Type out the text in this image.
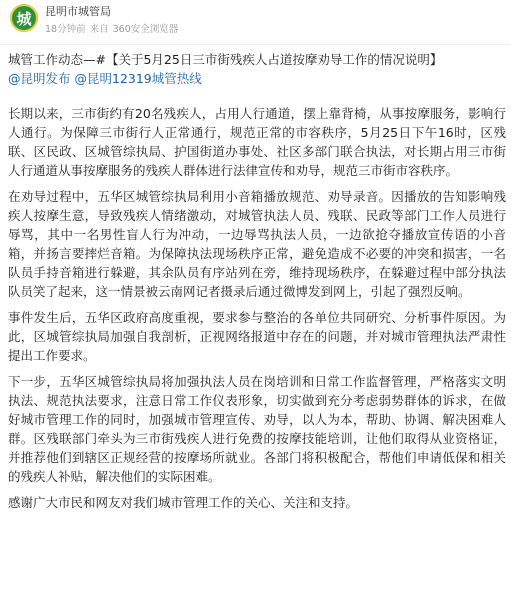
城 昆明市城管局
18分钟前 来自 360安全浏览器
城管工作动态—#【关于5月25日三市街残疾人占道按摩劝导工作的情况说明】
@昆明发布 @昆明12319城管热线

长期以来，三市街约有20名残疾人，占用人行通道，摆上靠背椅，从事按摩服务，影响行人通行。为保障三市街行人正常通行，规范正常的市容秩序，5月25日下午16时，区残联、区民政、区城管综执局、护国街道办事处、社区多部门联合执法，对长期占用三市街人行通道从事按摩服务的残疾人群体进行法律宣传和劝导，规范三市街市容秩序。

在劝导过程中，五华区城管综执局利用小音箱播放规范、劝导录音。因播放的告知影响残疾人按摩生意，导致残疾人情绪激动，对城管执法人员、残联、民政等部门工作人员进行辱骂，其中一名男性盲人行为冲动，一边辱骂执法人员，一边欲抢夺播放宣传语的小音箱，并扬言要摔烂音箱。为保障执法现场秩序正常，避免造成不必要的冲突和损害，一名队员手持音箱进行躲避，其余队员有序站列在旁，维持现场秩序，在躲避过程中部分执法队员笑了起来，这一情景被云南网记者摄录后通过微博发到网上，引起了强烈反响。

事件发生后，五华区政府高度重视，要求参与整治的各单位共同研究、分析事件原因。为此，区城管综执局加强自我剖析，正视网络报道中存在的问题，并对城市管理执法严肃性提出工作要求。

下一步，五华区城管综执局将加强执法人员在岗培训和日常工作监督管理，严格落实文明执法、规范执法要求，注意日常工作仪表形象，切实做到充分考虑弱势群体的诉求，在做好城市管理工作的同时，加强城市管理宣传、劝导，以人为本，帮助、协调、解决困难人群。区残联部门牵头为三市街残疾人进行免费的按摩技能培训，让他们取得从业资格证，并推荐他们到辖区正规经营的按摩场所就业。各部门将积极配合，帮他们申请低保和相关的残疾人补贴，解决他们的实际困难。

感谢广大市民和网友对我们城市管理工作的关心、关注和支持。
